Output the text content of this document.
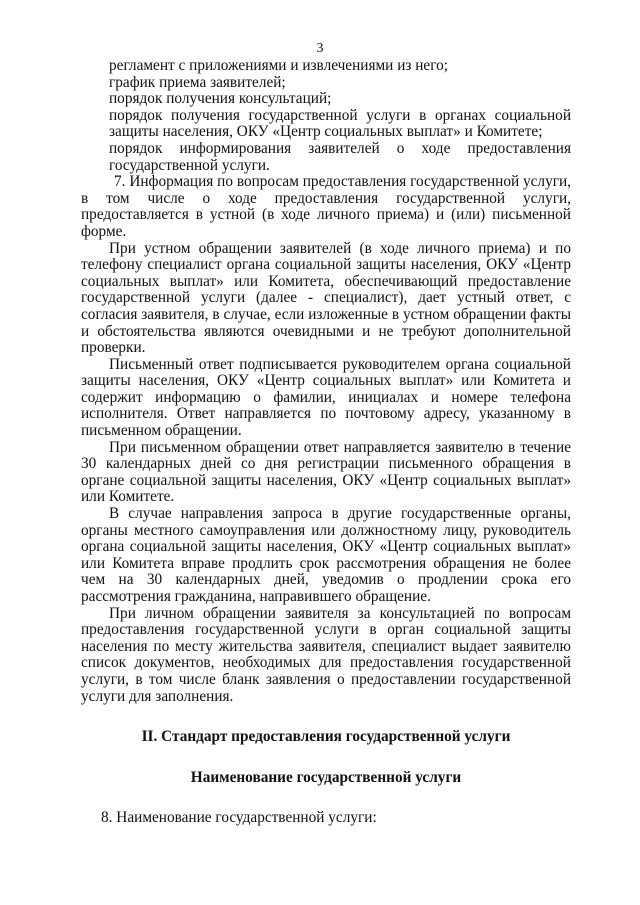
3

регламент с приложениями и извлечениями из него;

график приема заявителей;

порядок получения консультаций;

порядок получения государственной услуги в органах социальной защиты населения, ОКУ «Центр социальных выплат» и Комитете;

порядок информирования заявителей о ходе предоставления государственной услуги.

7. Информация по вопросам предоставления государственной услуги, в том числе о ходе предоставления государственной услуги, предоставляется в устной (в ходе личного приема) и (или) письменной форме.

При устном обращении заявителей (в ходе личного приема) и по телефону специалист органа социальной защиты населения, ОКУ «Центр социальных выплат» или Комитета, обеспечивающий предоставление государственной услуги (далее - специалист), дает устный ответ, с согласия заявителя, в случае, если изложенные в устном обращении факты и обстоятельства являются очевидными и не требуют дополнительной проверки.

Письменный ответ подписывается руководителем органа социальной защиты населения, ОКУ «Центр социальных выплат» или Комитета и содержит информацию о фамилии, инициалах и номере телефона исполнителя. Ответ направляется по почтовому адресу, указанному в письменном обращении.

При письменном обращении ответ направляется заявителю в течение 30 календарных дней со дня регистрации письменного обращения в органе социальной защиты населения, ОКУ «Центр социальных выплат» или Комитете.

В случае направления запроса в другие государственные органы, органы местного самоуправления или должностному лицу, руководитель органа социальной защиты населения, ОКУ «Центр социальных выплат» или Комитета вправе продлить срок рассмотрения обращения не более чем на 30 календарных дней, уведомив о продлении срока его рассмотрения гражданина, направившего обращение.

При личном обращении заявителя за консультацией по вопросам предоставления государственной услуги в орган социальной защиты населения по месту жительства заявителя, специалист выдает заявителю список документов, необходимых для предоставления государственной услуги, в том числе бланк заявления о предоставлении государственной услуги для заполнения.

II. Стандарт предоставления государственной услуги

Наименование государственной услуги

8. Наименование государственной услуги:
